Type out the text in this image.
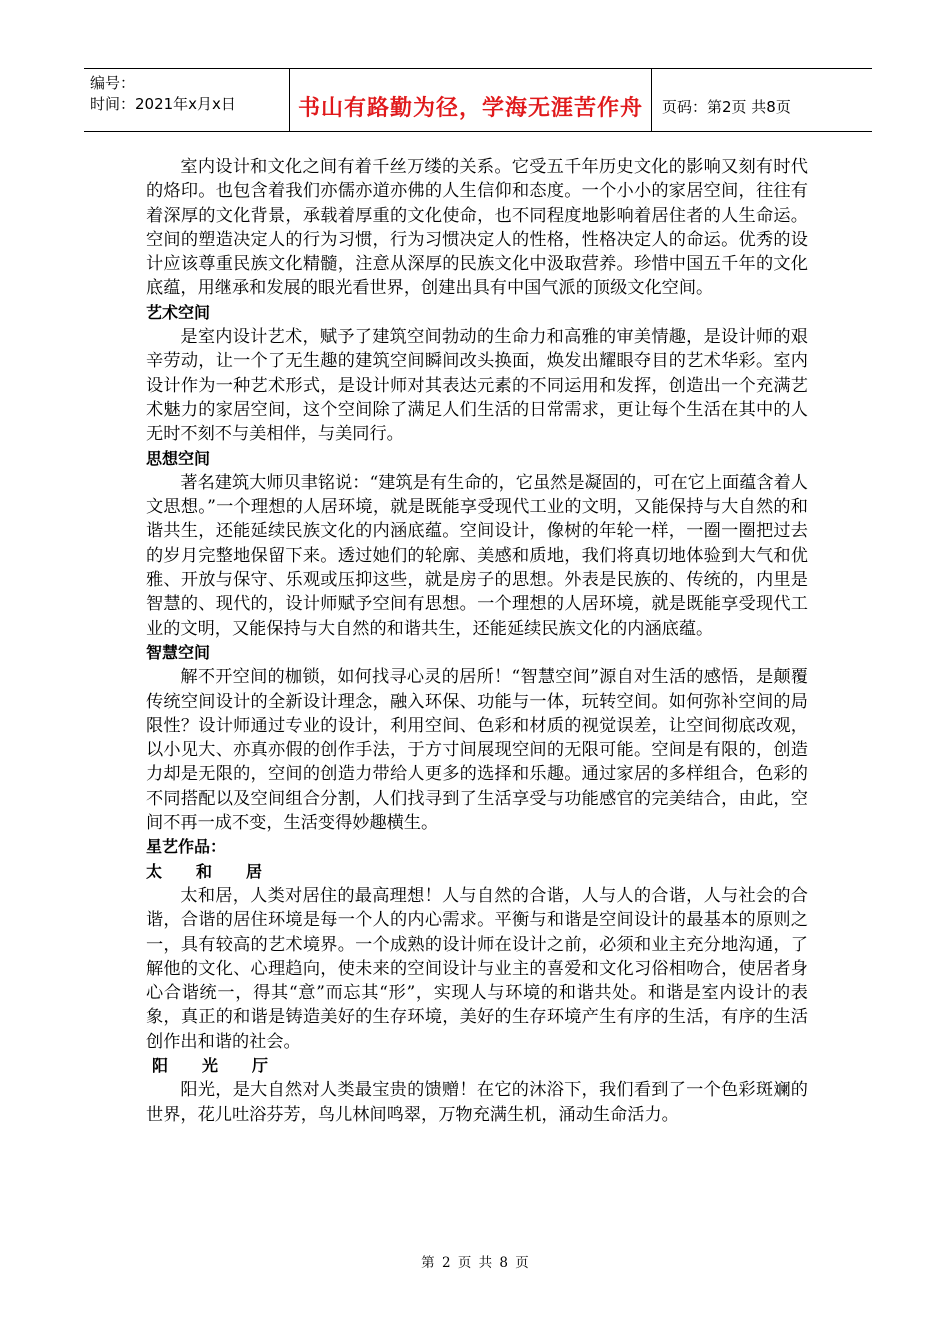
编号：
时间：2021年x月x日	书山有路勤为径，学海无涯苦作舟	页码：第2页 共8页

室内设计和文化之间有着千丝万缕的关系。它受五千年历史文化的影响又刻有时代的烙印。也包含着我们亦儒亦道亦佛的人生信仰和态度。一个小小的家居空间，往往有着深厚的文化背景，承载着厚重的文化使命，也不同程度地影响着居住者的人生命运。空间的塑造决定人的行为习惯，行为习惯决定人的性格，性格决定人的命运。优秀的设计应该尊重民族文化精髓，注意从深厚的民族文化中汲取营养。珍惜中国五千年的文化底蕴，用继承和发展的眼光看世界，创建出具有中国气派的顶级文化空间。

艺术空间

是室内设计艺术，赋予了建筑空间勃动的生命力和高雅的审美情趣，是设计师的艰辛劳动，让一个了无生趣的建筑空间瞬间改头换面，焕发出耀眼夺目的艺术华彩。室内设计作为一种艺术形式，是设计师对其表达元素的不同运用和发挥，创造出一个充满艺术魅力的家居空间，这个空间除了满足人们生活的日常需求，更让每个生活在其中的人无时不刻不与美相伴，与美同行。

思想空间

著名建筑大师贝聿铭说：“建筑是有生命的，它虽然是凝固的，可在它上面蕴含着人文思想。”一个理想的人居环境，就是既能享受现代工业的文明，又能保持与大自然的和谐共生，还能延续民族文化的内涵底蕴。空间设计，像树的年轮一样，一圈一圈把过去的岁月完整地保留下来。透过她们的轮廓、美感和质地，我们将真切地体验到大气和优雅、开放与保守、乐观或压抑这些，就是房子的思想。外表是民族的、传统的，内里是智慧的、现代的，设计师赋予空间有思想。一个理想的人居环境，就是既能享受现代工业的文明，又能保持与大自然的和谐共生，还能延续民族文化的内涵底蕴。

智慧空间

解不开空间的枷锁，如何找寻心灵的居所！“智慧空间”源自对生活的感悟，是颠覆传统空间设计的全新设计理念，融入环保、功能与一体，玩转空间。如何弥补空间的局限性？设计师通过专业的设计，利用空间、色彩和材质的视觉误差，让空间彻底改观，以小见大、亦真亦假的创作手法，于方寸间展现空间的无限可能。空间是有限的，创造力却是无限的，空间的创造力带给人更多的选择和乐趣。通过家居的多样组合，色彩的不同搭配以及空间组合分割，人们找寻到了生活享受与功能感官的完美结合，由此，空间不再一成不变，生活变得妙趣横生。

星艺作品：
太和居

太和居，人类对居住的最高理想！人与自然的合谐，人与人的合谐，人与社会的合谐，合谐的居住环境是每一个人的内心需求。平衡与和谐是空间设计的最基本的原则之一，具有较高的艺术境界。一个成熟的设计师在设计之前，必须和业主充分地沟通，了解他的文化、心理趋向，使未来的空间设计与业主的喜爱和文化习俗相吻合，使居者身心合谐统一，得其“意”而忘其“形”，实现人与环境的和谐共处。和谐是室内设计的表象，真正的和谐是铸造美好的生存环境，美好的生存环境产生有序的生活，有序的生活创作出和谐的社会。

阳光厅

阳光，是大自然对人类最宝贵的馈赠！在它的沐浴下，我们看到了一个色彩斑斓的世界，花儿吐浴芬芳，鸟儿林间鸣翠，万物充满生机，涌动生命活力。

第 2 页 共 8 页
